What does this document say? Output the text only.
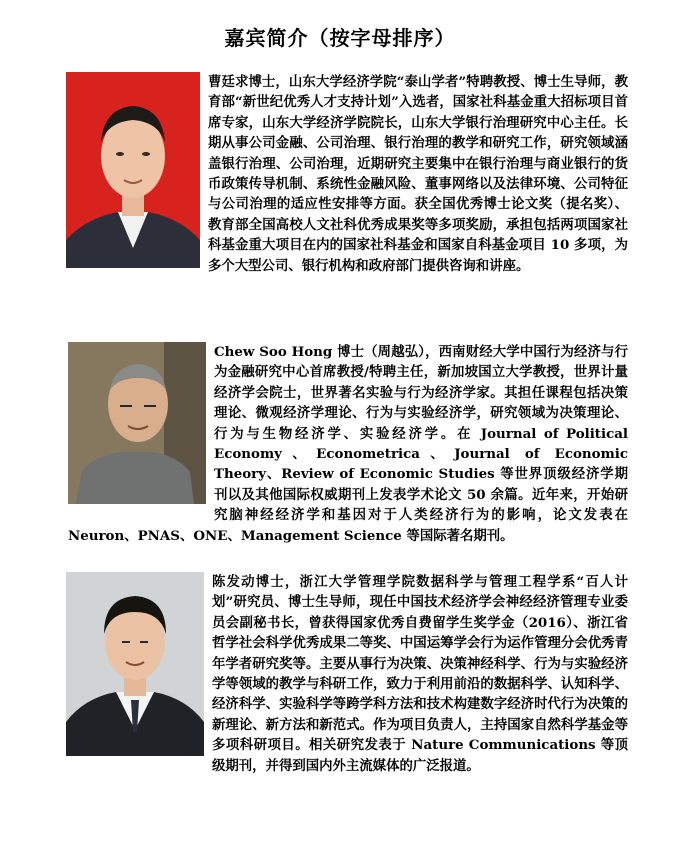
嘉宾简介（按字母排序）

曹廷求博士，山东大学经济学院“泰山学者”特聘教授、博士生导师，教育部“新世纪优秀人才支持计划”入选者，国家社科基金重大招标项目首席专家，山东大学经济学院院长，山东大学银行治理研究中心主任。长期从事公司金融、公司治理、银行治理的教学和研究工作，研究领域涵盖银行治理、公司治理，近期研究主要集中在银行治理与商业银行的货币政策传导机制、系统性金融风险、董事网络以及法律环境、公司特征与公司治理的适应性安排等方面。获全国优秀博士论文奖（提名奖）、教育部全国高校人文社科优秀成果奖等多项奖励，承担包括两项国家社科基金重大项目在内的国家社科基金和国家自科基金项目 10 多项，为多个大型公司、银行机构和政府部门提供咨询和讲座。

Chew Soo Hong 博士（周越弘），西南财经大学中国行为经济与行为金融研究中心首席教授/特聘主任，新加坡国立大学教授，世界计量经济学会院士，世界著名实验与行为经济学家。其担任课程包括决策理论、微观经济学理论、行为与实验经济学，研究领域为决策理论、行为与生物经济学、实验经济学。在 Journal of Political Economy、Econometrica、Journal of Economic Theory、Review of Economic Studies 等世界顶级经济学期刊以及其他国际权威期刊上发表学术论文 50 余篇。近年来，开始研究脑神经经济学和基因对于人类经济行为的影响，论文发表在 Neuron、PNAS、ONE、Management Science 等国际著名期刊。

陈发动博士，浙江大学管理学院数据科学与管理工程学系“百人计划”研究员、博士生导师，现任中国技术经济学会神经经济管理专业委员会副秘书长，曾获得国家优秀自费留学生奖学金（2016）、浙江省哲学社会科学优秀成果二等奖、中国运筹学会行为运作管理分会优秀青年学者研究奖等。主要从事行为决策、决策神经科学、行为与实验经济学等领域的教学与科研工作，致力于利用前沿的数据科学、认知科学、经济科学、实验科学等跨学科方法和技术构建数字经济时代行为决策的新理论、新方法和新范式。作为项目负责人，主持国家自然科学基金等多项科研项目。相关研究发表于 Nature Communications 等顶级期刊，并得到国内外主流媒体的广泛报道。
